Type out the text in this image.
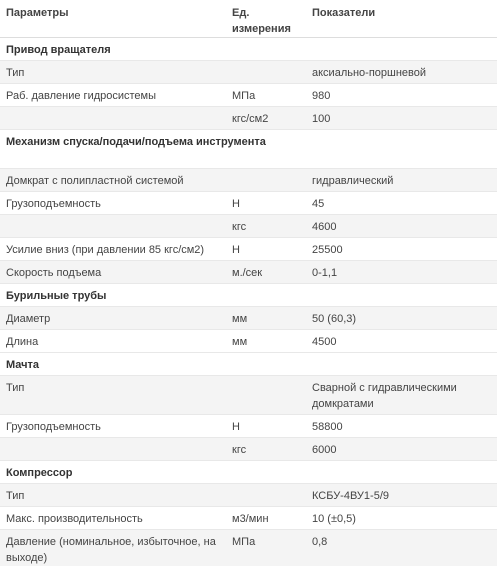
Параметры	Ед. измерения	Показатели
Привод вращателя		
Тип		аксиально-поршневой
Раб. давление гидросистемы	МПа	980
	кгс/см2	100
Механизм спуска/подачи/подъема инструмента		
Домкрат с полипластной системой		гидравлический
Грузоподъемность	Н	45
	кгс	4600
Усилие вниз (при давлении 85 кгс/см2)	Н	25500
Скорость подъема	м./сек	0-1,1
Бурильные трубы		
Диаметр	мм	50 (60,3)
Длина	мм	4500
Мачта		
Тип		Сварной с гидравлическими домкратами
Грузоподъемность	Н	58800
	кгс	6000
Компрессор		
Тип		КСБУ-4ВУ1-5/9
Макс. производительность	м3/мин	10 (±0,5)
Давление (номинальное, избыточное, на выходе)	МПа	0,8
